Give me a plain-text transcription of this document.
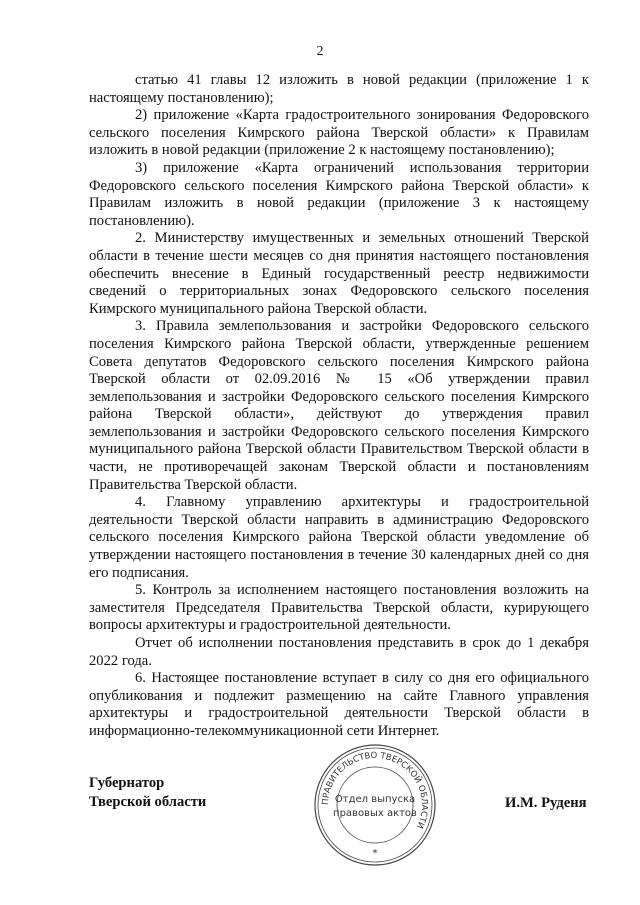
2

статью 41 главы 12 изложить в новой редакции (приложение 1 к настоящему постановлению);

2) приложение «Карта градостроительного зонирования Федоровского сельского поселения Кимрского района Тверской области» к Правилам изложить в новой редакции (приложение 2 к настоящему постановлению);

3) приложение «Карта ограничений использования территории Федоровского сельского поселения Кимрского района Тверской области» к Правилам изложить в новой редакции (приложение 3 к настоящему постановлению).

2. Министерству имущественных и земельных отношений Тверской области в течение шести месяцев со дня принятия настоящего постановления обеспечить внесение в Единый государственный реестр недвижимости сведений о территориальных зонах Федоровского сельского поселения Кимрского муниципального района Тверской области.

3. Правила землепользования и застройки Федоровского сельского поселения Кимрского района Тверской области, утвержденные решением Совета депутатов Федоровского сельского поселения Кимрского района Тверской области от 02.09.2016 № 15 «Об утверждении правил землепользования и застройки Федоровского сельского поселения Кимрского района Тверской области», действуют до утверждения правил землепользования и застройки Федоровского сельского поселения Кимрского муниципального района Тверской области Правительством Тверской области в части, не противоречащей законам Тверской области и постановлениям Правительства Тверской области.

4. Главному управлению архитектуры и градостроительной деятельности Тверской области направить в администрацию Федоровского сельского поселения Кимрского района Тверской области уведомление об утверждении настоящего постановления в течение 30 календарных дней со дня его подписания.

5. Контроль за исполнением настоящего постановления возложить на заместителя Председателя Правительства Тверской области, курирующего вопросы архитектуры и градостроительной деятельности.

Отчет об исполнении постановления представить в срок до 1 декабря 2022 года.

6. Настоящее постановление вступает в силу со дня его официального опубликования и подлежит размещению на сайте Главного управления архитектуры и градостроительной деятельности Тверской области в информационно-телекоммуникационной сети Интернет.

Губернатор
Тверской области	ПРАВИТЕЛЬСТВО ТВЕРСКОЙ ОБЛАСТИ
Отдел выпуска
правовых актов
*
И.М. Руденя
